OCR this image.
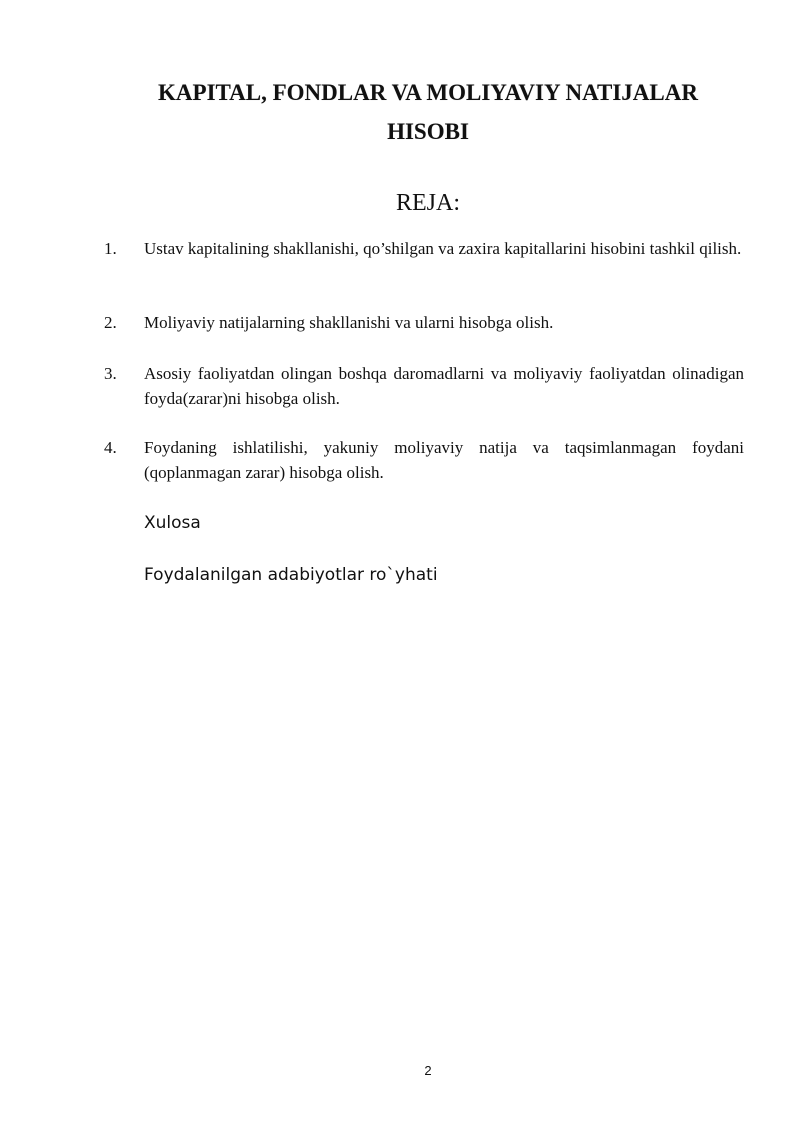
KAPITAL, FONDLAR VA MOLIYAVIY NATIJALAR
HISOBI
REJA:
1.	Ustav kapitalining shakllanishi, qo’shilgan va zaxira kapitallarini hisobini tashkil qilish.
2.	Moliyaviy natijalarning shakllanishi va ularni hisobga olish.
3.	Asosiy faoliyatdan olingan boshqa daromadlarni va moliyaviy faoliyatdan olinadigan foyda(zarar)ni hisobga olish.
4.	Foydaning ishlatilishi, yakuniy moliyaviy natija va taqsimlanmagan foydani (qoplanmagan zarar) hisobga olish.
Xulosa
Foydalanilgan adabiyotlar ro`yhati
2
